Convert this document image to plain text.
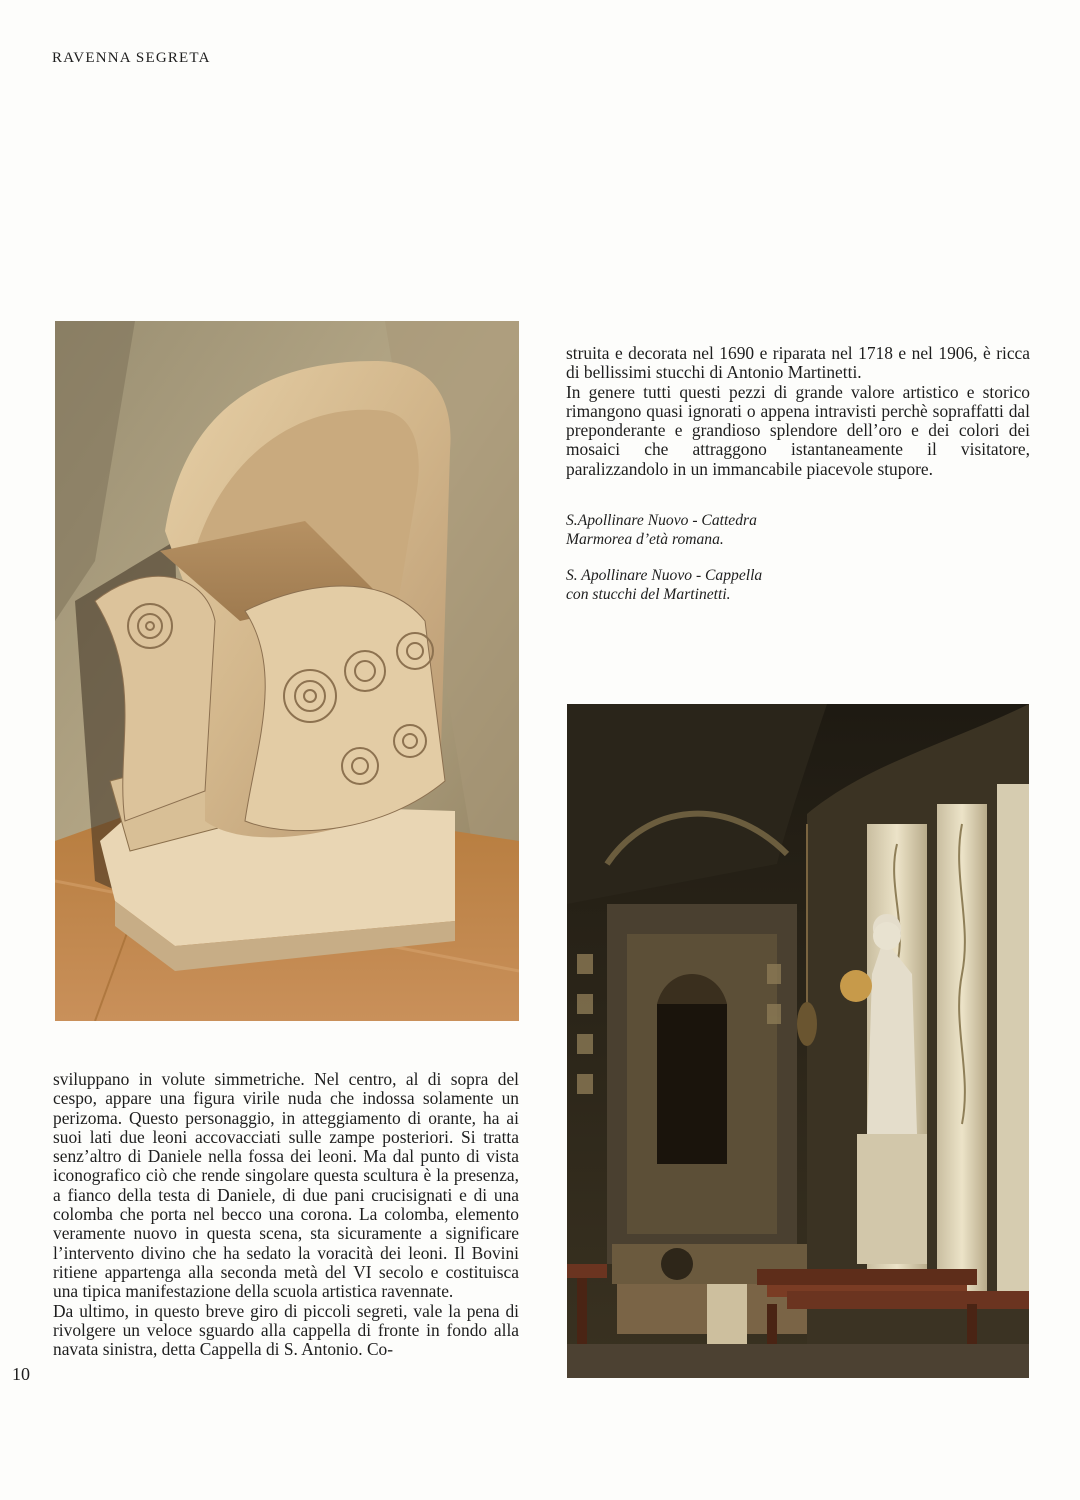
RAVENNA SEGRETA

struita e decorata nel 1690 e riparata nel 1718 e nel 1906, è ricca di bellissimi stucchi di Antonio Martinetti.

In genere tutti questi pezzi di grande valore artistico e storico rimangono quasi ignorati o appena intravisti perchè sopraffatti dal preponderante e grandioso splendore dell’oro e dei colori dei mosaici che attraggono istantaneamente il visitatore, paralizzandolo in un immancabile piacevole stupore.

S.Apollinare Nuovo - Cattedra
Marmorea d’età romana.

S. Apollinare Nuovo - Cappella
con stucchi del Martinetti.

sviluppano in volute simmetriche. Nel centro, al di sopra del cespo, appare una figura virile nuda che indossa solamente un perizoma. Questo personaggio, in atteggiamento di orante, ha ai suoi lati due leoni accovacciati sulle zampe posteriori. Si tratta senz’altro di Daniele nella fossa dei leoni. Ma dal punto di vista iconografico ciò che rende singolare questa scultura è la presenza, a fianco della testa di Daniele, di due pani crucisignati e di una colomba che porta nel becco una corona. La colomba, elemento veramente nuovo in questa scena, sta sicuramente a significare l’intervento divino che ha sedato la voracità dei leoni. Il Bovini ritiene appartenga alla seconda metà del VI secolo e costituisca una tipica manifestazione della scuola artistica ravennate.

Da ultimo, in questo breve giro di piccoli segreti, vale la pena di rivolgere un veloce sguardo alla cappella di fronte in fondo alla navata sinistra, detta Cappella di S. Antonio. Co-

10
